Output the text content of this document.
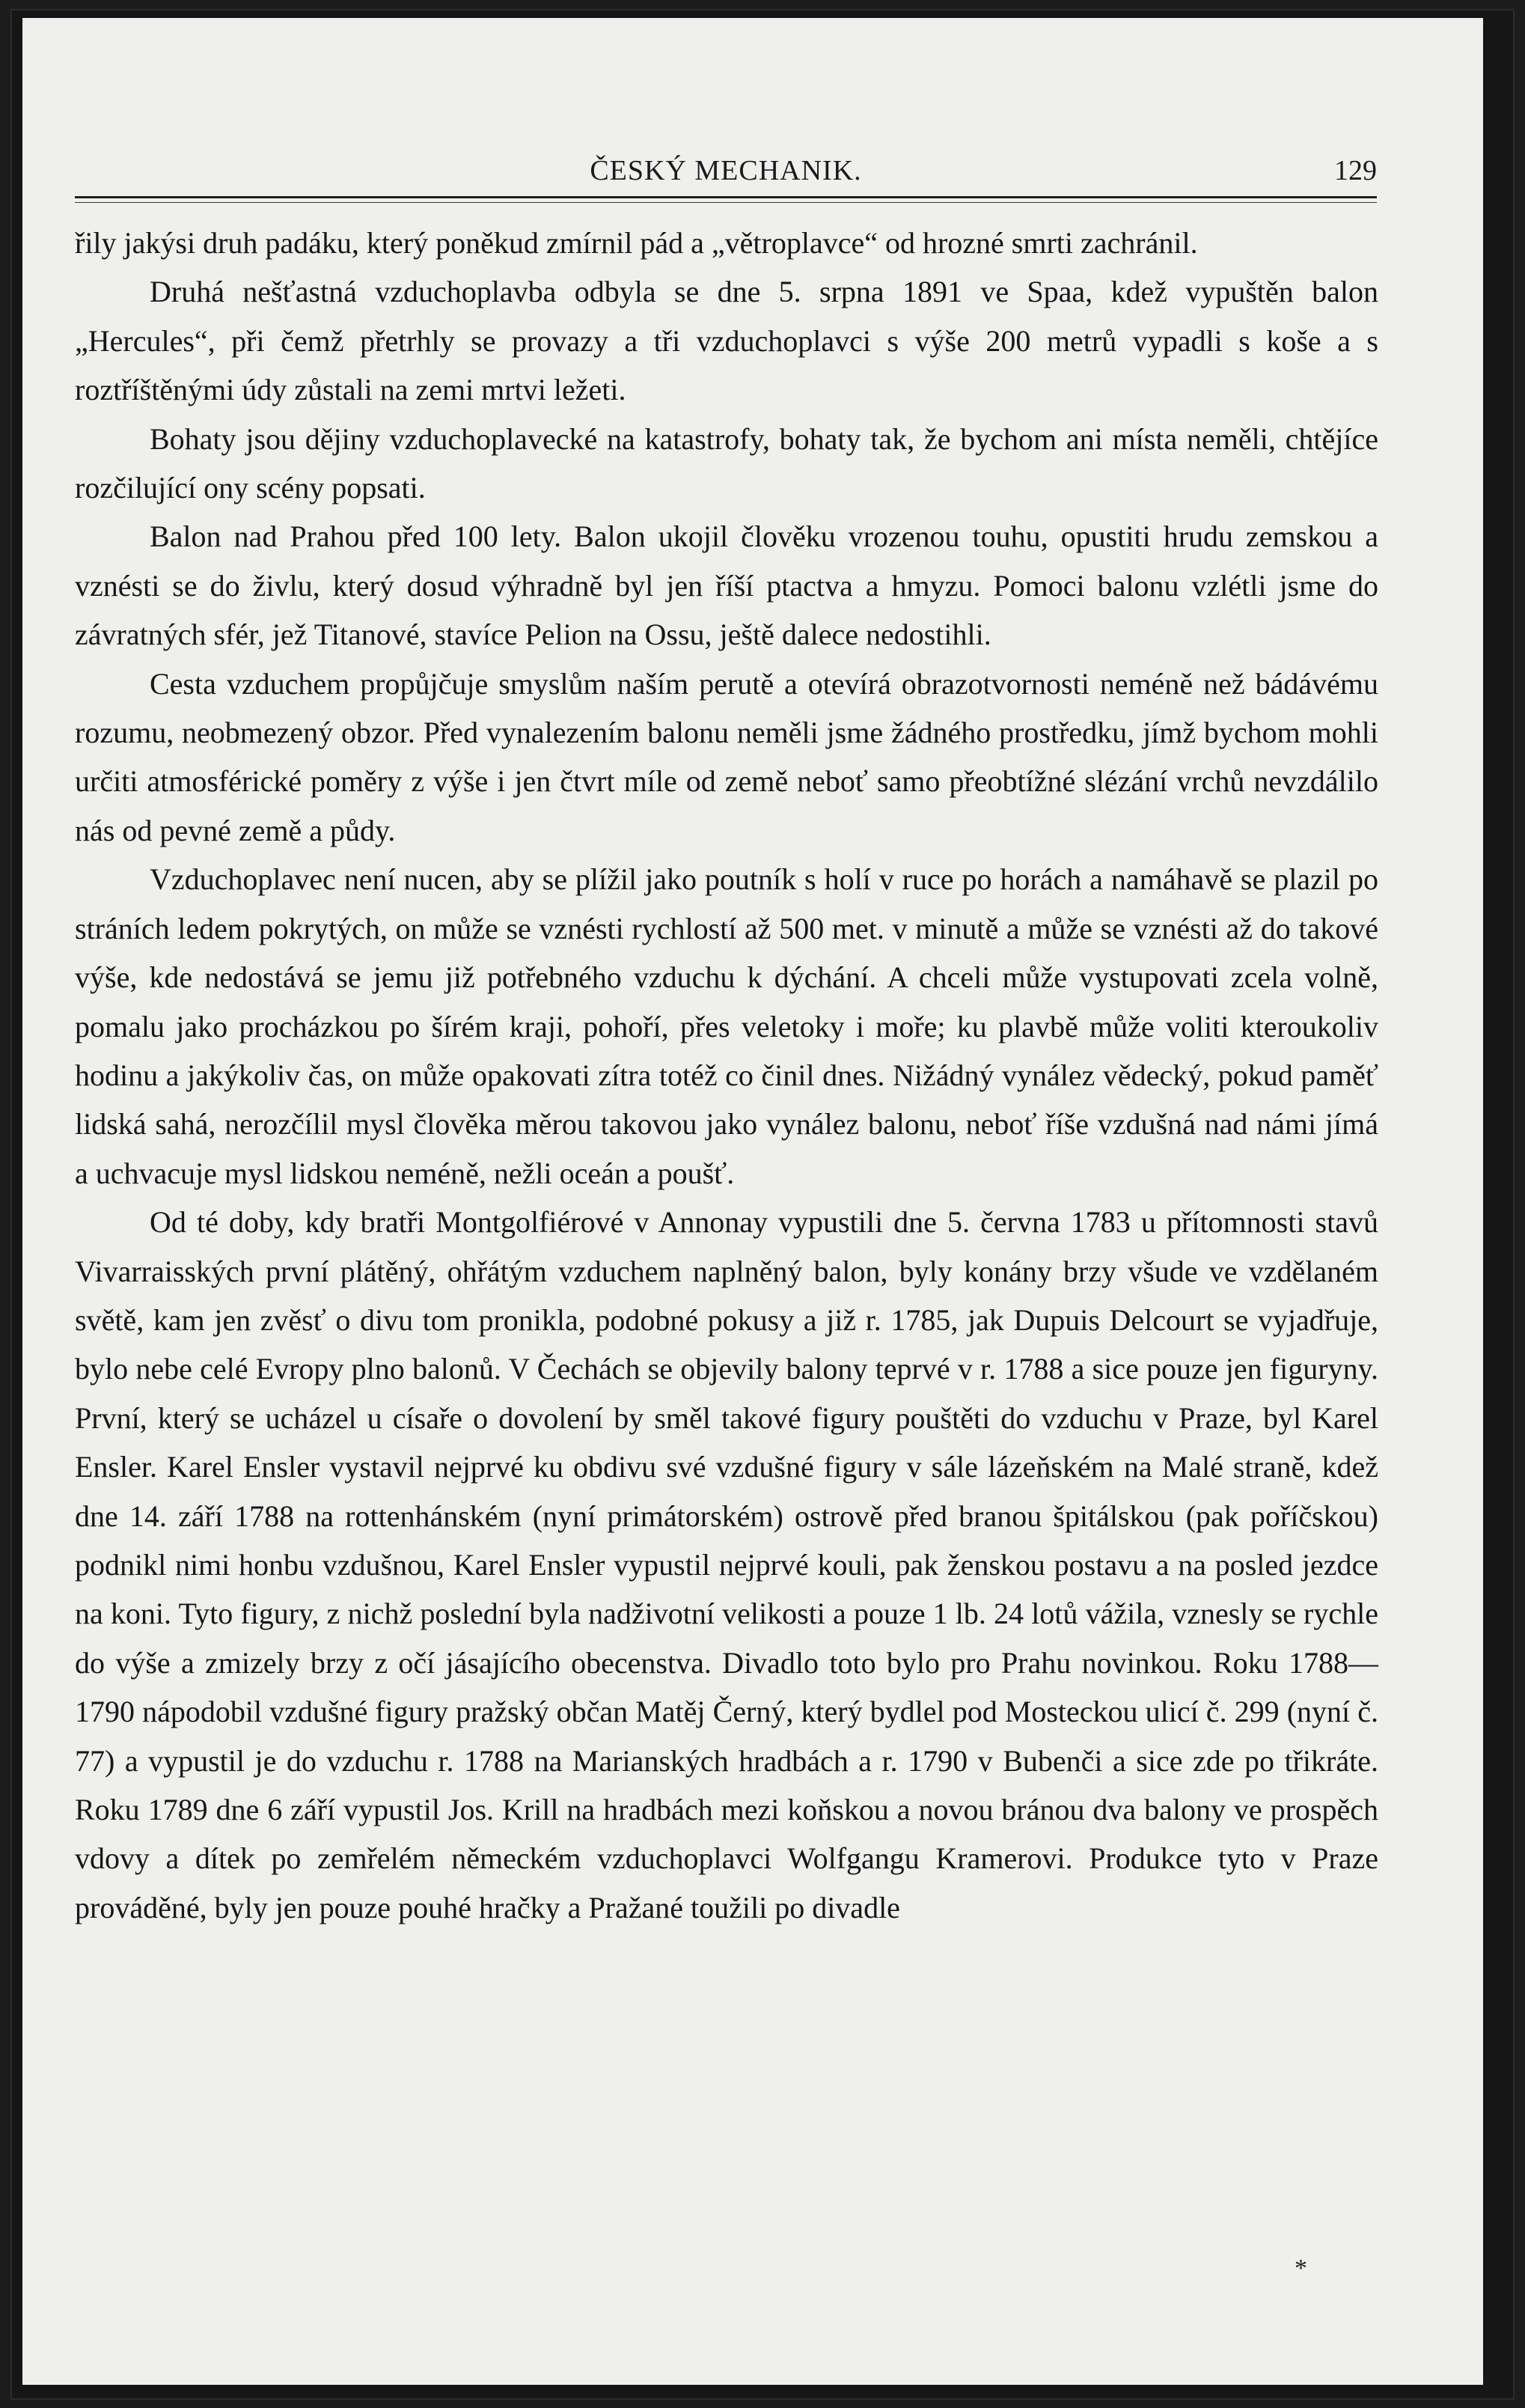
ČESKÝ MECHANIK.	129

řily jakýsi druh padáku, který poněkud zmírnil pád a „větroplavce“ od hrozné smrti zachránil.

Druhá nešťastná vzduchoplavba odbyla se dne 5. srpna 1891 ve Spaa, kdež vypuštěn balon „Hercules“, při čemž přetrhly se provazy a tři vzduchoplavci s výše 200 metrů vypadli s koše a s roztříštěnými údy zůstali na zemi mrtvi ležeti.

Bohaty jsou dějiny vzduchoplavecké na katastrofy, bohaty tak, že bychom ani místa neměli, chtějíce rozčilující ony scény popsati.

Balon nad Prahou před 100 lety. Balon ukojil člověku vrozenou touhu, opustiti hrudu zemskou a vznésti se do živlu, který dosud výhradně byl jen říší ptactva a hmyzu. Pomoci balonu vzlétli jsme do závratných sfér, jež Titanové, stavíce Pelion na Ossu, ještě dalece nedostihli.

Cesta vzduchem propůjčuje smyslům naším perutě a otevírá obrazotvornosti neméně než bádávému rozumu, neobmezený obzor. Před vynalezením balonu neměli jsme žádného prostředku, jímž bychom mohli určiti atmosférické poměry z výše i jen čtvrt míle od země neboť samo přeobtížné slézání vrchů nevzdálilo nás od pevné země a půdy.

Vzduchoplavec není nucen, aby se plížil jako poutník s holí v ruce po horách a namáhavě se plazil po stráních ledem pokrytých, on může se vznésti rychlostí až 500 met. v minutě a může se vznésti až do takové výše, kde nedostává se jemu již potřebného vzduchu k dýchání. A chceli může vystupovati zcela volně, pomalu jako procházkou po šírém kraji, pohoří, přes veletoky i moře; ku plavbě může voliti kteroukoliv hodinu a jakýkoliv čas, on může opakovati zítra totéž co činil dnes. Nižádný vynález vědecký, pokud paměť lidská sahá, nerozčílil mysl člověka měrou takovou jako vynález balonu, neboť říše vzdušná nad námi jímá a uchvacuje mysl lidskou neméně, nežli oceán a poušť.

Od té doby, kdy bratři Montgolfiérové v Annonay vypustili dne 5. června 1783 u přítomnosti stavů Vivarraisských první plátěný, ohřátým vzduchem naplněný balon, byly konány brzy všude ve vzdělaném světě, kam jen zvěsť o divu tom pronikla, podobné pokusy a již r. 1785, jak Dupuis Delcourt se vyjadřuje, bylo nebe celé Evropy plno balonů. V Čechách se objevily balony teprvé v r. 1788 a sice pouze jen figuryny. První, který se ucházel u císaře o dovolení by směl takové figury pouštěti do vzduchu v Praze, byl Karel Ensler. Karel Ensler vystavil nejprvé ku obdivu své vzdušné figury v sále lázeňském na Malé straně, kdež dne 14. září 1788 na rottenhánském (nyní primátorském) ostrově před branou špitálskou (pak poříčskou) podnikl nimi honbu vzdušnou, Karel Ensler vypustil nejprvé kouli, pak ženskou postavu a na posled jezdce na koni. Tyto figury, z nichž poslední byla nadživotní velikosti a pouze 1 lb. 24 lotů vážila, vznesly se rychle do výše a zmizely brzy z očí jásajícího obecenstva. Divadlo toto bylo pro Prahu novinkou. Roku 1788—1790 nápodobil vzdušné figury pražský občan Matěj Černý, který bydlel pod Mosteckou ulicí č. 299 (nyní č. 77) a vypustil je do vzduchu r. 1788 na Marianských hradbách a r. 1790 v Bubenči a sice zde po třikráte. Roku 1789 dne 6 září vypustil Jos. Krill na hradbách mezi koňskou a novou bránou dva balony ve prospěch vdovy a dítek po zemřelém německém vzduchoplavci Wolfgangu Kramerovi. Produkce tyto v Praze prováděné, byly jen pouze pouhé hračky a Pražané toužili po divadle

*
